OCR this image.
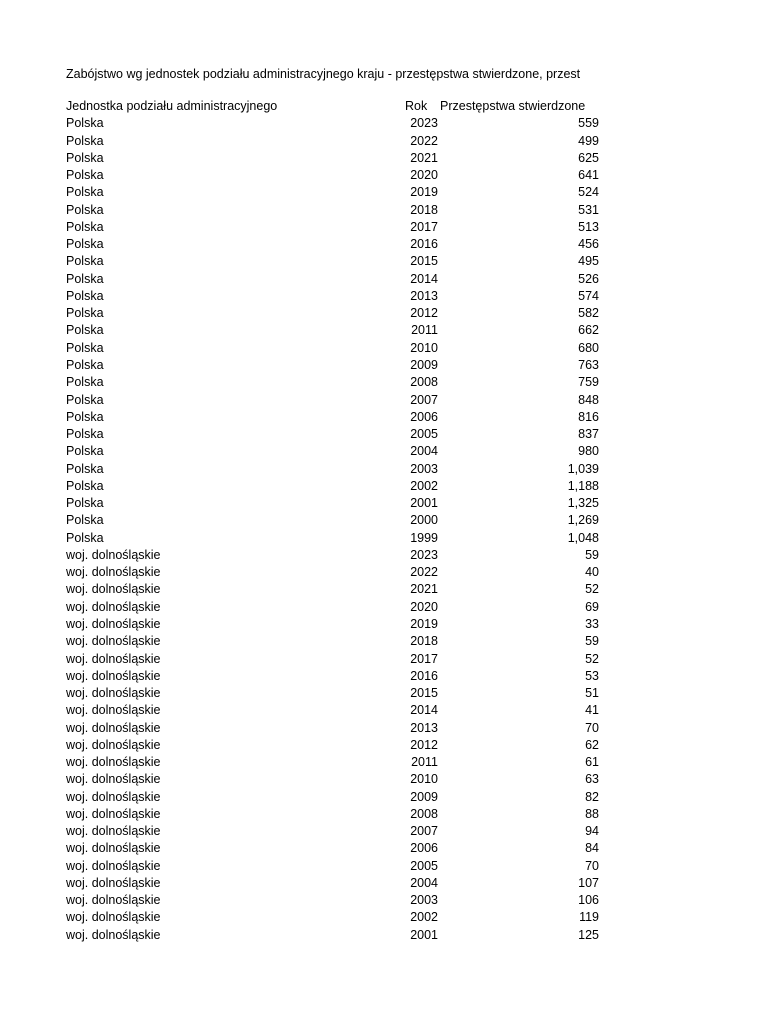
Zabójstwo wg jednostek podziału administracyjnego kraju - przestępstwa stwierdzone, przest
Jednostka podziału administracyjnego	Rok	Przestępstwa stwierdzone
Polska	2023	559
Polska	2022	499
Polska	2021	625
Polska	2020	641
Polska	2019	524
Polska	2018	531
Polska	2017	513
Polska	2016	456
Polska	2015	495
Polska	2014	526
Polska	2013	574
Polska	2012	582
Polska	2011	662
Polska	2010	680
Polska	2009	763
Polska	2008	759
Polska	2007	848
Polska	2006	816
Polska	2005	837
Polska	2004	980
Polska	2003	1,039
Polska	2002	1,188
Polska	2001	1,325
Polska	2000	1,269
Polska	1999	1,048
woj. dolnośląskie	2023	59
woj. dolnośląskie	2022	40
woj. dolnośląskie	2021	52
woj. dolnośląskie	2020	69
woj. dolnośląskie	2019	33
woj. dolnośląskie	2018	59
woj. dolnośląskie	2017	52
woj. dolnośląskie	2016	53
woj. dolnośląskie	2015	51
woj. dolnośląskie	2014	41
woj. dolnośląskie	2013	70
woj. dolnośląskie	2012	62
woj. dolnośląskie	2011	61
woj. dolnośląskie	2010	63
woj. dolnośląskie	2009	82
woj. dolnośląskie	2008	88
woj. dolnośląskie	2007	94
woj. dolnośląskie	2006	84
woj. dolnośląskie	2005	70
woj. dolnośląskie	2004	107
woj. dolnośląskie	2003	106
woj. dolnośląskie	2002	119
woj. dolnośląskie	2001	125
